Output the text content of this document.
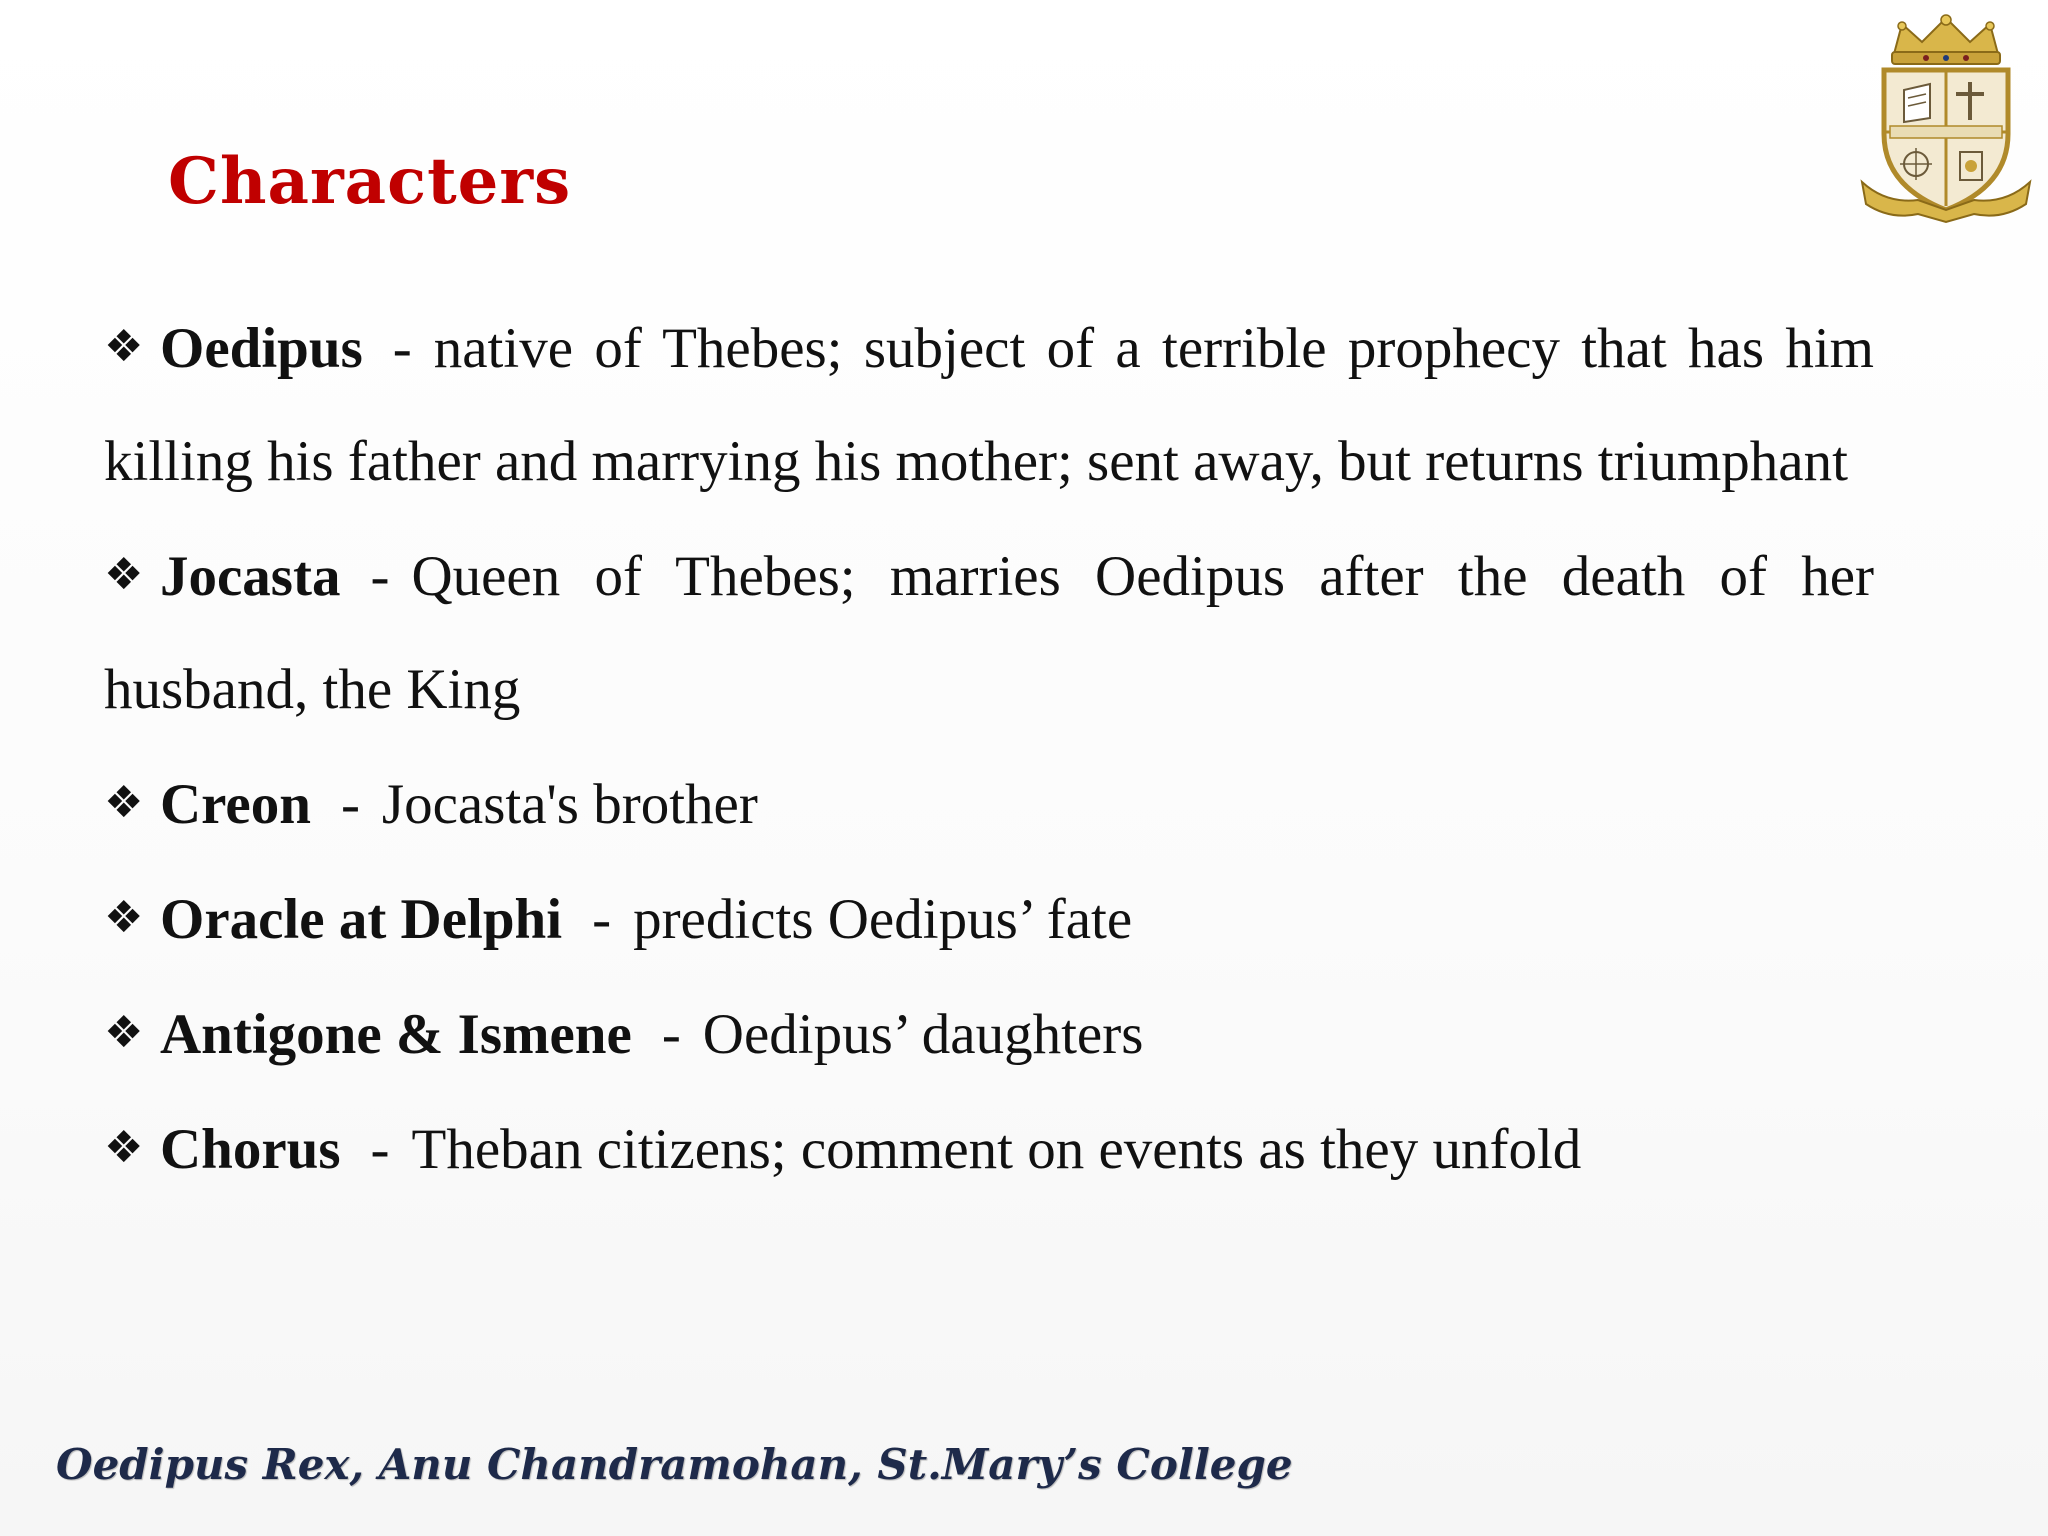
Characters

❖ Oedipus - native of Thebes; subject of a terrible prophecy that has him killing his father and marrying his mother; sent away, but returns triumphant

❖ Jocasta - Queen of Thebes; marries Oedipus after the death of her husband, the King

❖ Creon - Jocasta's brother

❖ Oracle at Delphi - predicts Oedipus’ fate

❖ Antigone & Ismene - Oedipus’ daughters

❖ Chorus - Theban citizens; comment on events as they unfold

Oedipus Rex, Anu Chandramohan, St.Mary’s College
